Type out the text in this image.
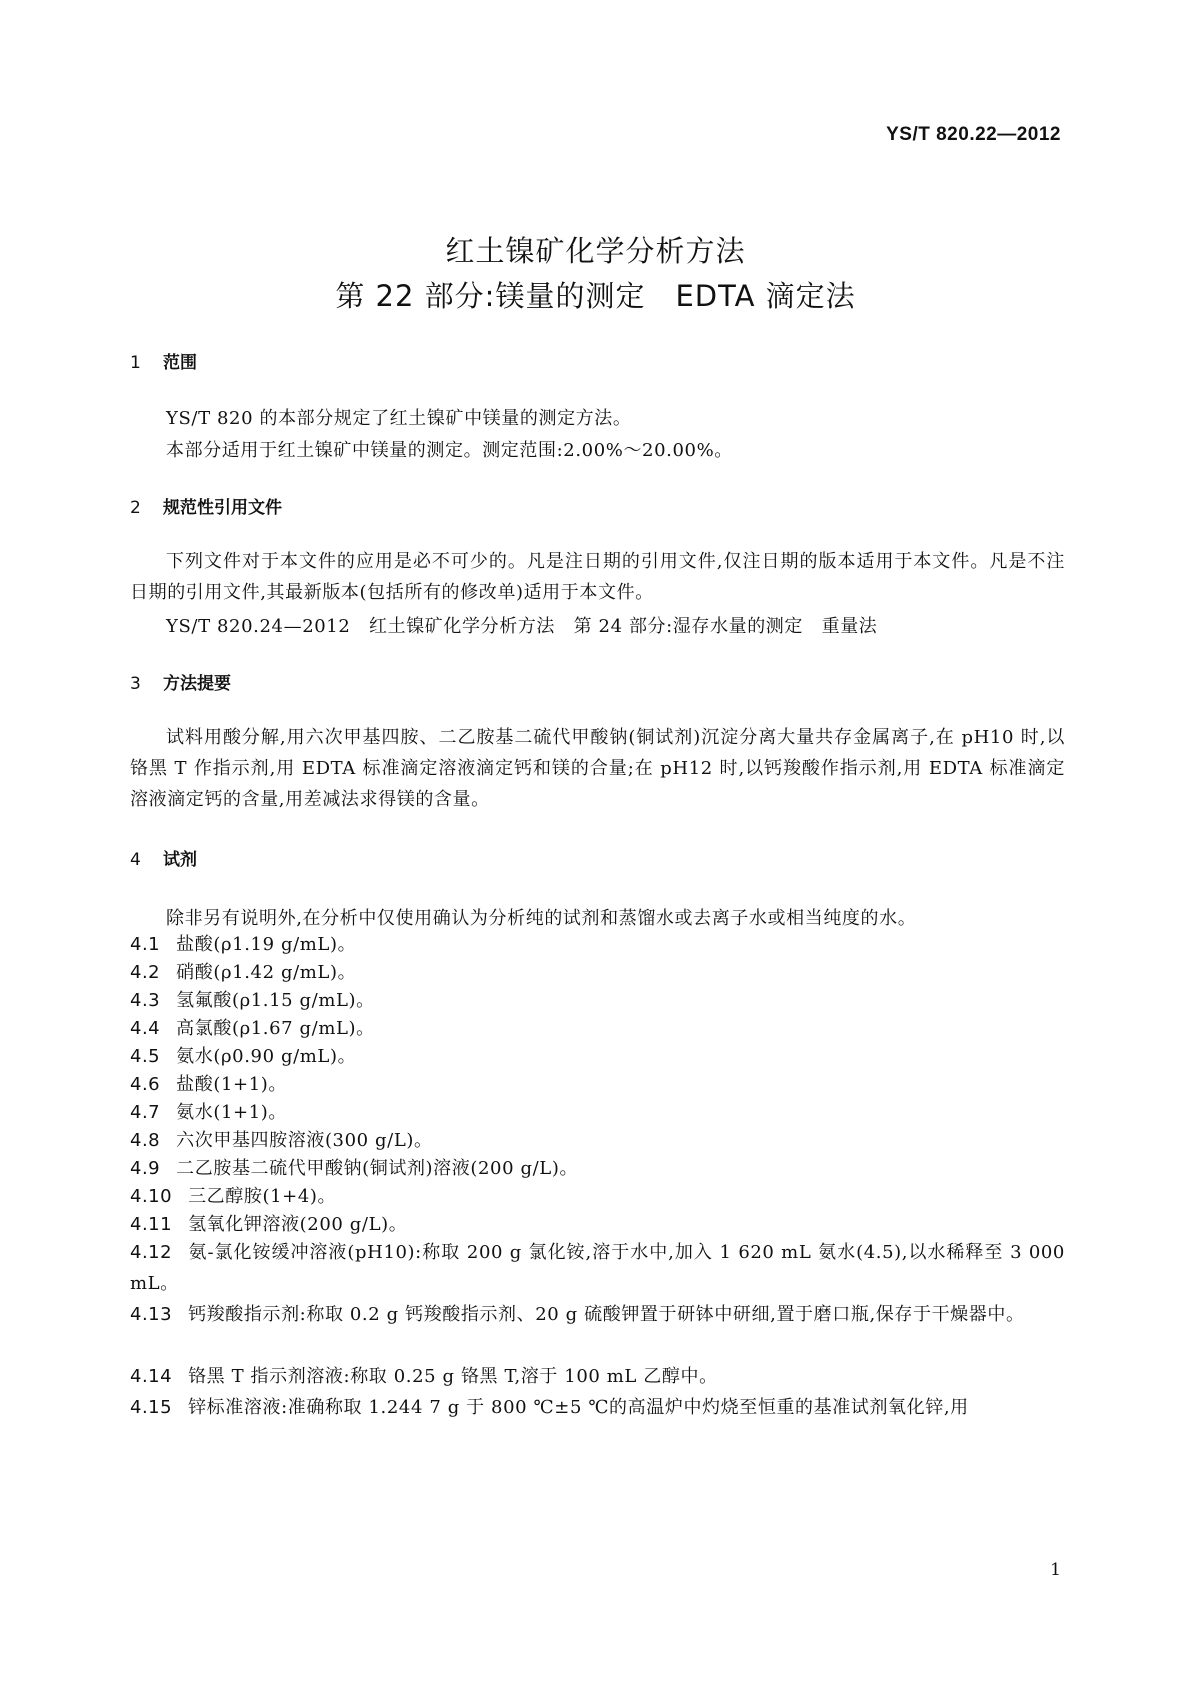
YS/T 820.22—2012
红土镍矿化学分析方法
第 22 部分:镁量的测定　EDTA 滴定法
1 范围
YS/T 820 的本部分规定了红土镍矿中镁量的测定方法。
本部分适用于红土镍矿中镁量的测定。测定范围:2.00%～20.00%。
2 规范性引用文件
下列文件对于本文件的应用是必不可少的。凡是注日期的引用文件,仅注日期的版本适用于本文件。凡是不注日期的引用文件,其最新版本(包括所有的修改单)适用于本文件。
YS/T 820.24—2012　红土镍矿化学分析方法　第 24 部分:湿存水量的测定　重量法
3 方法提要
试料用酸分解,用六次甲基四胺、二乙胺基二硫代甲酸钠(铜试剂)沉淀分离大量共存金属离子,在 pH10 时,以铬黑 T 作指示剂,用 EDTA 标准滴定溶液滴定钙和镁的合量;在 pH12 时,以钙羧酸作指示剂,用 EDTA 标准滴定溶液滴定钙的含量,用差减法求得镁的含量。
4 试剂
除非另有说明外,在分析中仅使用确认为分析纯的试剂和蒸馏水或去离子水或相当纯度的水。
4.1 盐酸(ρ1.19 g/mL)。
4.2 硝酸(ρ1.42 g/mL)。
4.3 氢氟酸(ρ1.15 g/mL)。
4.4 高氯酸(ρ1.67 g/mL)。
4.5 氨水(ρ0.90 g/mL)。
4.6 盐酸(1+1)。
4.7 氨水(1+1)。
4.8 六次甲基四胺溶液(300 g/L)。
4.9 二乙胺基二硫代甲酸钠(铜试剂)溶液(200 g/L)。
4.10 三乙醇胺(1+4)。
4.11 氢氧化钾溶液(200 g/L)。
4.12 氨-氯化铵缓冲溶液(pH10):称取 200 g 氯化铵,溶于水中,加入 1 620 mL 氨水(4.5),以水稀释至 3 000 mL。
4.13 钙羧酸指示剂:称取 0.2 g 钙羧酸指示剂、20 g 硫酸钾置于研钵中研细,置于磨口瓶,保存于干燥器中。
4.14 铬黑 T 指示剂溶液:称取 0.25 g 铬黑 T,溶于 100 mL 乙醇中。
4.15 锌标准溶液:准确称取 1.244 7 g 于 800 ℃±5 ℃的高温炉中灼烧至恒重的基准试剂氧化锌,用
1
